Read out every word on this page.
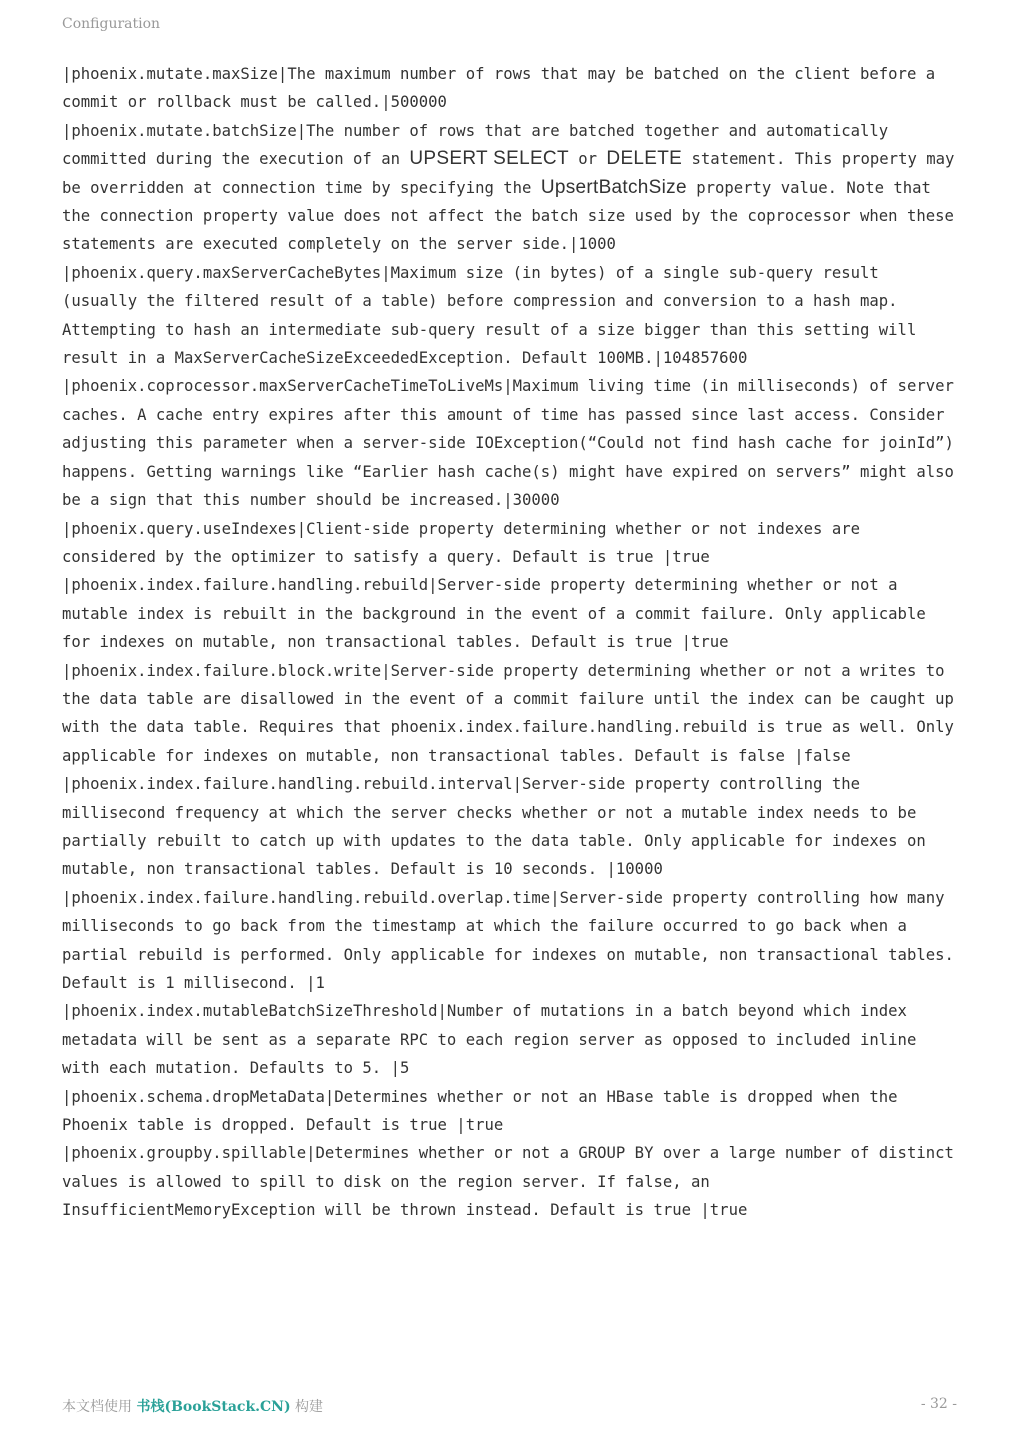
Configuration

|phoenix.mutate.maxSize|The maximum number of rows that may be batched on the client before a commit or rollback must be called.|500000

|phoenix.mutate.batchSize|The number of rows that are batched together and automatically committed during the execution of an UPSERT SELECT or DELETE statement. This property may be overridden at connection time by specifying the UpsertBatchSize property value. Note that the connection property value does not affect the batch size used by the coprocessor when these statements are executed completely on the server side.|1000

|phoenix.query.maxServerCacheBytes|Maximum size (in bytes) of a single sub-query result (usually the filtered result of a table) before compression and conversion to a hash map. Attempting to hash an intermediate sub-query result of a size bigger than this setting will result in a MaxServerCacheSizeExceededException. Default 100MB.|104857600

|phoenix.coprocessor.maxServerCacheTimeToLiveMs|Maximum living time (in milliseconds) of server caches. A cache entry expires after this amount of time has passed since last access. Consider adjusting this parameter when a server-side IOException(“Could not find hash cache for joinId”) happens. Getting warnings like “Earlier hash cache(s) might have expired on servers” might also be a sign that this number should be increased.|30000

|phoenix.query.useIndexes|Client-side property determining whether or not indexes are considered by the optimizer to satisfy a query. Default is true |true

|phoenix.index.failure.handling.rebuild|Server-side property determining whether or not a mutable index is rebuilt in the background in the event of a commit failure. Only applicable for indexes on mutable, non transactional tables. Default is true |true

|phoenix.index.failure.block.write|Server-side property determining whether or not a writes to the data table are disallowed in the event of a commit failure until the index can be caught up with the data table. Requires that phoenix.index.failure.handling.rebuild is true as well. Only applicable for indexes on mutable, non transactional tables. Default is false |false

|phoenix.index.failure.handling.rebuild.interval|Server-side property controlling the millisecond frequency at which the server checks whether or not a mutable index needs to be partially rebuilt to catch up with updates to the data table. Only applicable for indexes on mutable, non transactional tables. Default is 10 seconds. |10000

|phoenix.index.failure.handling.rebuild.overlap.time|Server-side property controlling how many milliseconds to go back from the timestamp at which the failure occurred to go back when a partial rebuild is performed. Only applicable for indexes on mutable, non transactional tables. Default is 1 millisecond. |1

|phoenix.index.mutableBatchSizeThreshold|Number of mutations in a batch beyond which index metadata will be sent as a separate RPC to each region server as opposed to included inline with each mutation. Defaults to 5. |5

|phoenix.schema.dropMetaData|Determines whether or not an HBase table is dropped when the Phoenix table is dropped. Default is true |true

|phoenix.groupby.spillable|Determines whether or not a GROUP BY over a large number of distinct values is allowed to spill to disk on the region server. If false, an InsufficientMemoryException will be thrown instead. Default is true |true

本文档使用 书栈(BookStack.CN) 构建	- 32 -
